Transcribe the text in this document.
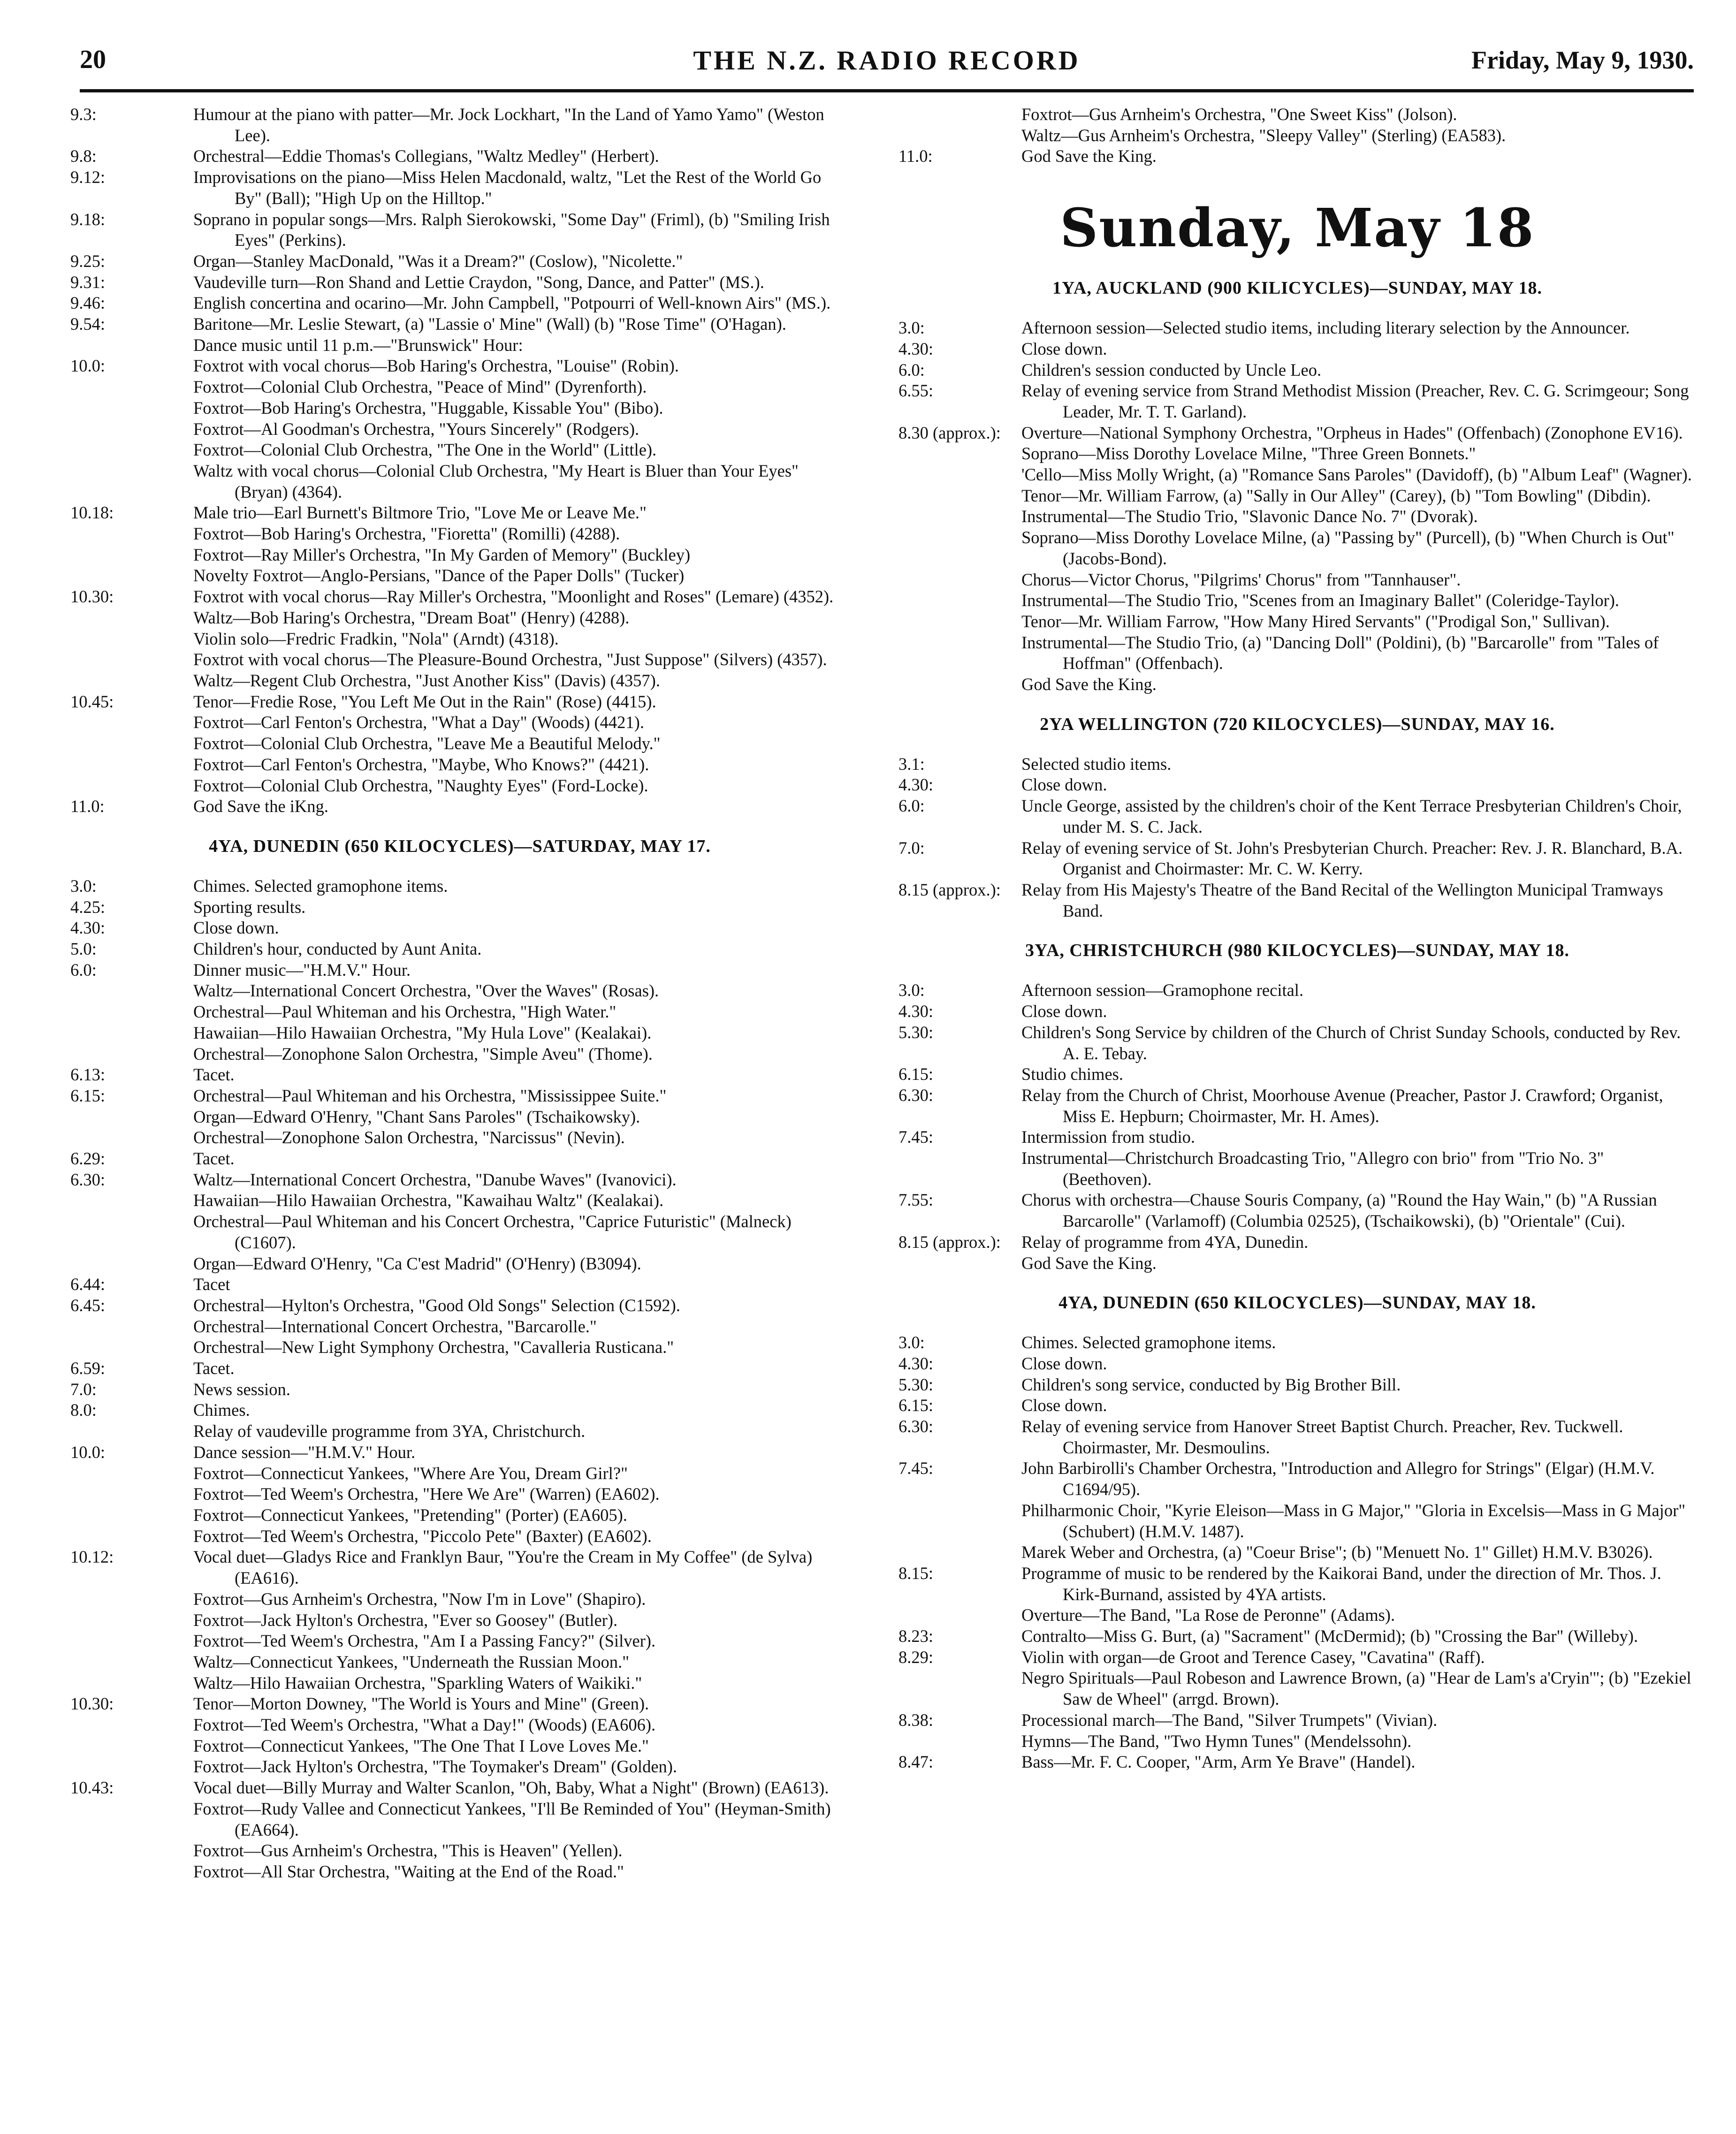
20	THE N.Z. RADIO RECORD	Friday, May 9, 1930.
9.3:	Humour at the piano with patter—Mr. Jock Lockhart, "In the Land of Yamo Yamo" (Weston Lee).
9.8:	Orchestral—Eddie Thomas's Collegians, "Waltz Medley" (Herbert).
9.12:	Improvisations on the piano—Miss Helen Macdonald, waltz, "Let the Rest of the World Go By" (Ball); "High Up on the Hilltop."
9.18:	Soprano in popular songs—Mrs. Ralph Sierokowski, "Some Day" (Friml), (b) "Smiling Irish Eyes" (Perkins).
9.25:	Organ—Stanley MacDonald, "Was it a Dream?" (Coslow), "Nicolette."
9.31:	Vaudeville turn—Ron Shand and Lettie Craydon, "Song, Dance, and Patter" (MS.).
9.46:	English concertina and ocarino—Mr. John Campbell, "Potpourri of Well-known Airs" (MS.).
9.54:	Baritone—Mr. Leslie Stewart, (a) "Lassie o' Mine" (Wall) (b) "Rose Time" (O'Hagan).
Dance music until 11 p.m.—"Brunswick" Hour:
10.0:	Foxtrot with vocal chorus—Bob Haring's Orchestra, "Louise" (Robin).
Foxtrot—Colonial Club Orchestra, "Peace of Mind" (Dyrenforth).
Foxtrot—Bob Haring's Orchestra, "Huggable, Kissable You" (Bibo).
Foxtrot—Al Goodman's Orchestra, "Yours Sincerely" (Rodgers).
Foxtrot—Colonial Club Orchestra, "The One in the World" (Little).
Waltz with vocal chorus—Colonial Club Orchestra, "My Heart is Bluer than Your Eyes" (Bryan) (4364).
10.18:	Male trio—Earl Burnett's Biltmore Trio, "Love Me or Leave Me."
Foxtrot—Bob Haring's Orchestra, "Fioretta" (Romilli) (4288).
Foxtrot—Ray Miller's Orchestra, "In My Garden of Memory" (Buckley)
Novelty Foxtrot—Anglo-Persians, "Dance of the Paper Dolls" (Tucker)
10.30:	Foxtrot with vocal chorus—Ray Miller's Orchestra, "Moonlight and Roses" (Lemare) (4352).
Waltz—Bob Haring's Orchestra, "Dream Boat" (Henry) (4288).
Violin solo—Fredric Fradkin, "Nola" (Arndt) (4318).
Foxtrot with vocal chorus—The Pleasure-Bound Orchestra, "Just Suppose" (Silvers) (4357).
Waltz—Regent Club Orchestra, "Just Another Kiss" (Davis) (4357).
10.45:	Tenor—Fredie Rose, "You Left Me Out in the Rain" (Rose) (4415).
Foxtrot—Carl Fenton's Orchestra, "What a Day" (Woods) (4421).
Foxtrot—Colonial Club Orchestra, "Leave Me a Beautiful Melody."
Foxtrot—Carl Fenton's Orchestra, "Maybe, Who Knows?" (4421).
Foxtrot—Colonial Club Orchestra, "Naughty Eyes" (Ford-Locke).
11.0:	God Save the iKng.
4YA, DUNEDIN (650 KILOCYCLES)—SATURDAY, MAY 17.
3.0:	Chimes. Selected gramophone items.
4.25:	Sporting results.
4.30:	Close down.
5.0:	Children's hour, conducted by Aunt Anita.
6.0:	Dinner music—"H.M.V." Hour.
Waltz—International Concert Orchestra, "Over the Waves" (Rosas).
Orchestral—Paul Whiteman and his Orchestra, "High Water."
Hawaiian—Hilo Hawaiian Orchestra, "My Hula Love" (Kealakai).
Orchestral—Zonophone Salon Orchestra, "Simple Aveu" (Thome).
6.13:	Tacet.
6.15:	Orchestral—Paul Whiteman and his Orchestra, "Mississippee Suite."
Organ—Edward O'Henry, "Chant Sans Paroles" (Tschaikowsky).
Orchestral—Zonophone Salon Orchestra, "Narcissus" (Nevin).
6.29:	Tacet.
6.30:	Waltz—International Concert Orchestra, "Danube Waves" (Ivanovici).
Hawaiian—Hilo Hawaiian Orchestra, "Kawaihau Waltz" (Kealakai).
Orchestral—Paul Whiteman and his Concert Orchestra, "Caprice Futuristic" (Malneck) (C1607).
Organ—Edward O'Henry, "Ca C'est Madrid" (O'Henry) (B3094).
6.44:	Tacet
6.45:	Orchestral—Hylton's Orchestra, "Good Old Songs" Selection (C1592).
Orchestral—International Concert Orchestra, "Barcarolle."
Orchestral—New Light Symphony Orchestra, "Cavalleria Rusticana."
6.59:	Tacet.
7.0:	News session.
8.0:	Chimes.
Relay of vaudeville programme from 3YA, Christchurch.
10.0:	Dance session—"H.M.V." Hour.
Foxtrot—Connecticut Yankees, "Where Are You, Dream Girl?"
Foxtrot—Ted Weem's Orchestra, "Here We Are" (Warren) (EA602).
Foxtrot—Connecticut Yankees, "Pretending" (Porter) (EA605).
Foxtrot—Ted Weem's Orchestra, "Piccolo Pete" (Baxter) (EA602).
10.12:	Vocal duet—Gladys Rice and Franklyn Baur, "You're the Cream in My Coffee" (de Sylva) (EA616).
Foxtrot—Gus Arnheim's Orchestra, "Now I'm in Love" (Shapiro).
Foxtrot—Jack Hylton's Orchestra, "Ever so Goosey" (Butler).
Foxtrot—Ted Weem's Orchestra, "Am I a Passing Fancy?" (Silver).
Waltz—Connecticut Yankees, "Underneath the Russian Moon."
Waltz—Hilo Hawaiian Orchestra, "Sparkling Waters of Waikiki."
10.30:	Tenor—Morton Downey, "The World is Yours and Mine" (Green).
Foxtrot—Ted Weem's Orchestra, "What a Day!" (Woods) (EA606).
Foxtrot—Connecticut Yankees, "The One That I Love Loves Me."
Foxtrot—Jack Hylton's Orchestra, "The Toymaker's Dream" (Golden).
10.43:	Vocal duet—Billy Murray and Walter Scanlon, "Oh, Baby, What a Night" (Brown) (EA613).
Foxtrot—Rudy Vallee and Connecticut Yankees, "I'll Be Reminded of You" (Heyman-Smith) (EA664).
Foxtrot—Gus Arnheim's Orchestra, "This is Heaven" (Yellen).
Foxtrot—All Star Orchestra, "Waiting at the End of the Road."
Foxtrot—Gus Arnheim's Orchestra, "One Sweet Kiss" (Jolson).
Waltz—Gus Arnheim's Orchestra, "Sleepy Valley" (Sterling) (EA583).
11.0:	God Save the King.
Sunday, May 18
1YA, AUCKLAND (900 KILICYCLES)—SUNDAY, MAY 18.
3.0:	Afternoon session—Selected studio items, including literary selection by the Announcer.
4.30:	Close down.
6.0:	Children's session conducted by Uncle Leo.
6.55:	Relay of evening service from Strand Methodist Mission (Preacher, Rev. C. G. Scrimgeour; Song Leader, Mr. T. T. Garland).
8.30 (approx.):	Overture—National Symphony Orchestra, "Orpheus in Hades" (Offenbach) (Zonophone EV16).
Soprano—Miss Dorothy Lovelace Milne, "Three Green Bonnets."
'Cello—Miss Molly Wright, (a) "Romance Sans Paroles" (Davidoff), (b) "Album Leaf" (Wagner).
Tenor—Mr. William Farrow, (a) "Sally in Our Alley" (Carey), (b) "Tom Bowling" (Dibdin).
Instrumental—The Studio Trio, "Slavonic Dance No. 7" (Dvorak).
Soprano—Miss Dorothy Lovelace Milne, (a) "Passing by" (Purcell), (b) "When Church is Out" (Jacobs-Bond).
Chorus—Victor Chorus, "Pilgrims' Chorus" from "Tannhauser".
Instrumental—The Studio Trio, "Scenes from an Imaginary Ballet" (Coleridge-Taylor).
Tenor—Mr. William Farrow, "How Many Hired Servants" ("Prodigal Son," Sullivan).
Instrumental—The Studio Trio, (a) "Dancing Doll" (Poldini), (b) "Barcarolle" from "Tales of Hoffman" (Offenbach).
God Save the King.
2YA WELLINGTON (720 KILOCYCLES)—SUNDAY, MAY 16.
3.1:	Selected studio items.
4.30:	Close down.
6.0:	Uncle George, assisted by the children's choir of the Kent Terrace Presbyterian Children's Choir, under M. S. C. Jack.
7.0:	Relay of evening service of St. John's Presbyterian Church. Preacher: Rev. J. R. Blanchard, B.A. Organist and Choirmaster: Mr. C. W. Kerry.
8.15 (approx.):	Relay from His Majesty's Theatre of the Band Recital of the Wellington Municipal Tramways Band.
3YA, CHRISTCHURCH (980 KILOCYCLES)—SUNDAY, MAY 18.
3.0:	Afternoon session—Gramophone recital.
4.30:	Close down.
5.30:	Children's Song Service by children of the Church of Christ Sunday Schools, conducted by Rev. A. E. Tebay.
6.15:	Studio chimes.
6.30:	Relay from the Church of Christ, Moorhouse Avenue (Preacher, Pastor J. Crawford; Organist, Miss E. Hepburn; Choirmaster, Mr. H. Ames).
7.45:	Intermission from studio.
Instrumental—Christchurch Broadcasting Trio, "Allegro con brio" from "Trio No. 3" (Beethoven).
7.55:	Chorus with orchestra—Chause Souris Company, (a) "Round the Hay Wain," (b) "A Russian Barcarolle" (Varlamoff) (Columbia 02525), (Tschaikowski), (b) "Orientale" (Cui).
8.15 (approx.):	Relay of programme from 4YA, Dunedin.
God Save the King.
4YA, DUNEDIN (650 KILOCYCLES)—SUNDAY, MAY 18.
3.0:	Chimes. Selected gramophone items.
4.30:	Close down.
5.30:	Children's song service, conducted by Big Brother Bill.
6.15:	Close down.
6.30:	Relay of evening service from Hanover Street Baptist Church. Preacher, Rev. Tuckwell. Choirmaster, Mr. Desmoulins.
7.45:	John Barbirolli's Chamber Orchestra, "Introduction and Allegro for Strings" (Elgar) (H.M.V. C1694/95).
Philharmonic Choir, "Kyrie Eleison—Mass in G Major," "Gloria in Excelsis—Mass in G Major" (Schubert) (H.M.V. 1487).
Marek Weber and Orchestra, (a) "Coeur Brise"; (b) "Menuett No. 1" Gillet) H.M.V. B3026).
8.15:	Programme of music to be rendered by the Kaikorai Band, under the direction of Mr. Thos. J. Kirk-Burnand, assisted by 4YA artists.
Overture—The Band, "La Rose de Peronne" (Adams).
8.23:	Contralto—Miss G. Burt, (a) "Sacrament" (McDermid); (b) "Crossing the Bar" (Willeby).
8.29:	Violin with organ—de Groot and Terence Casey, "Cavatina" (Raff).
Negro Spirituals—Paul Robeson and Lawrence Brown, (a) "Hear de Lam's a'Cryin'"; (b) "Ezekiel Saw de Wheel" (arrgd. Brown).
8.38:	Processional march—The Band, "Silver Trumpets" (Vivian).
Hymns—The Band, "Two Hymn Tunes" (Mendelssohn).
8.47:	Bass—Mr. F. C. Cooper, "Arm, Arm Ye Brave" (Handel).
